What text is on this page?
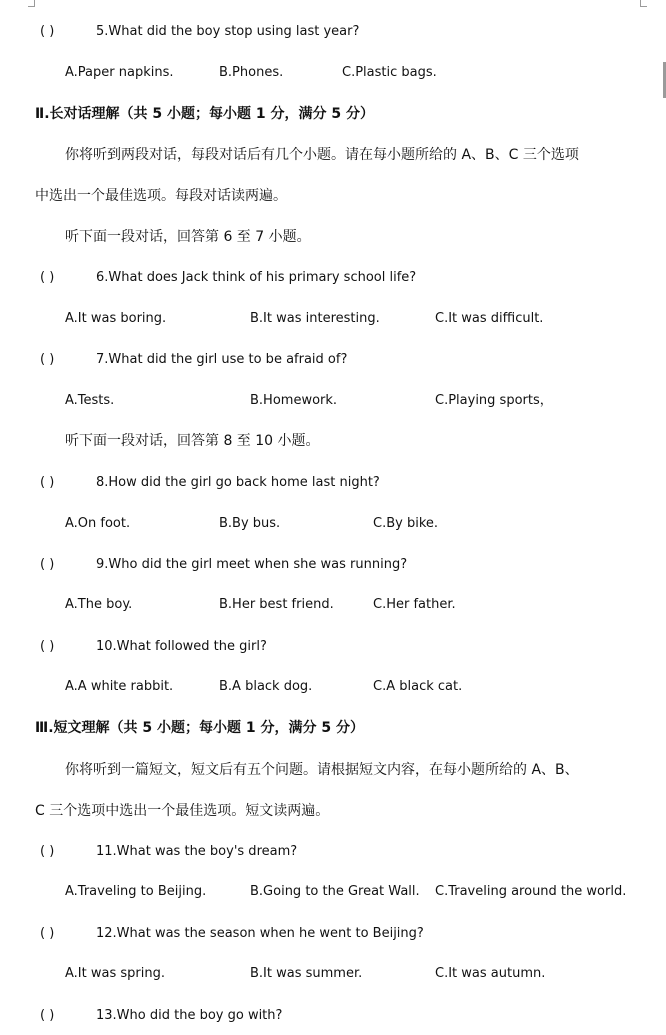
( )	5.What did the boy stop using last year?
A.Paper napkins.	B.Phones.	C.Plastic bags.
Ⅱ.长对话理解（共 5 小题；每小题 1 分，满分 5 分）
你将听到两段对话，每段对话后有几个小题。请在每小题所给的 A、B、C 三个选项
中选出一个最佳选项。每段对话读两遍。
听下面一段对话，回答第 6 至 7 小题。
( )	6.What does Jack think of his primary school life?
A.It was boring.	B.It was interesting.	C.It was difficult.
( )	7.What did the girl use to be afraid of?
A.Tests.	B.Homework.	C.Playing sports，
听下面一段对话，回答第 8 至 10 小题。
( )	8.How did the girl go back home last night?
A.On foot.	B.By bus.	C.By bike.
( )	9.Who did the girl meet when she was running?
A.The boy.	B.Her best friend.	C.Her father.
( )	10.What followed the girl?
A.A white rabbit.	B.A black dog.	C.A black cat.
Ⅲ.短文理解（共 5 小题；每小题 1 分，满分 5 分）
你将听到一篇短文，短文后有五个问题。请根据短文内容，在每小题所给的 A、B、
C 三个选项中选出一个最佳选项。短文读两遍。
( )	11.What was the boy's dream?
A.Traveling to Beijing.	B.Going to the Great Wall. C.Traveling around the world.
( )	12.What was the season when he went to Beijing?
A.It was spring.	B.It was summer.	C.It was autumn.
( )	13.Who did the boy go with?
